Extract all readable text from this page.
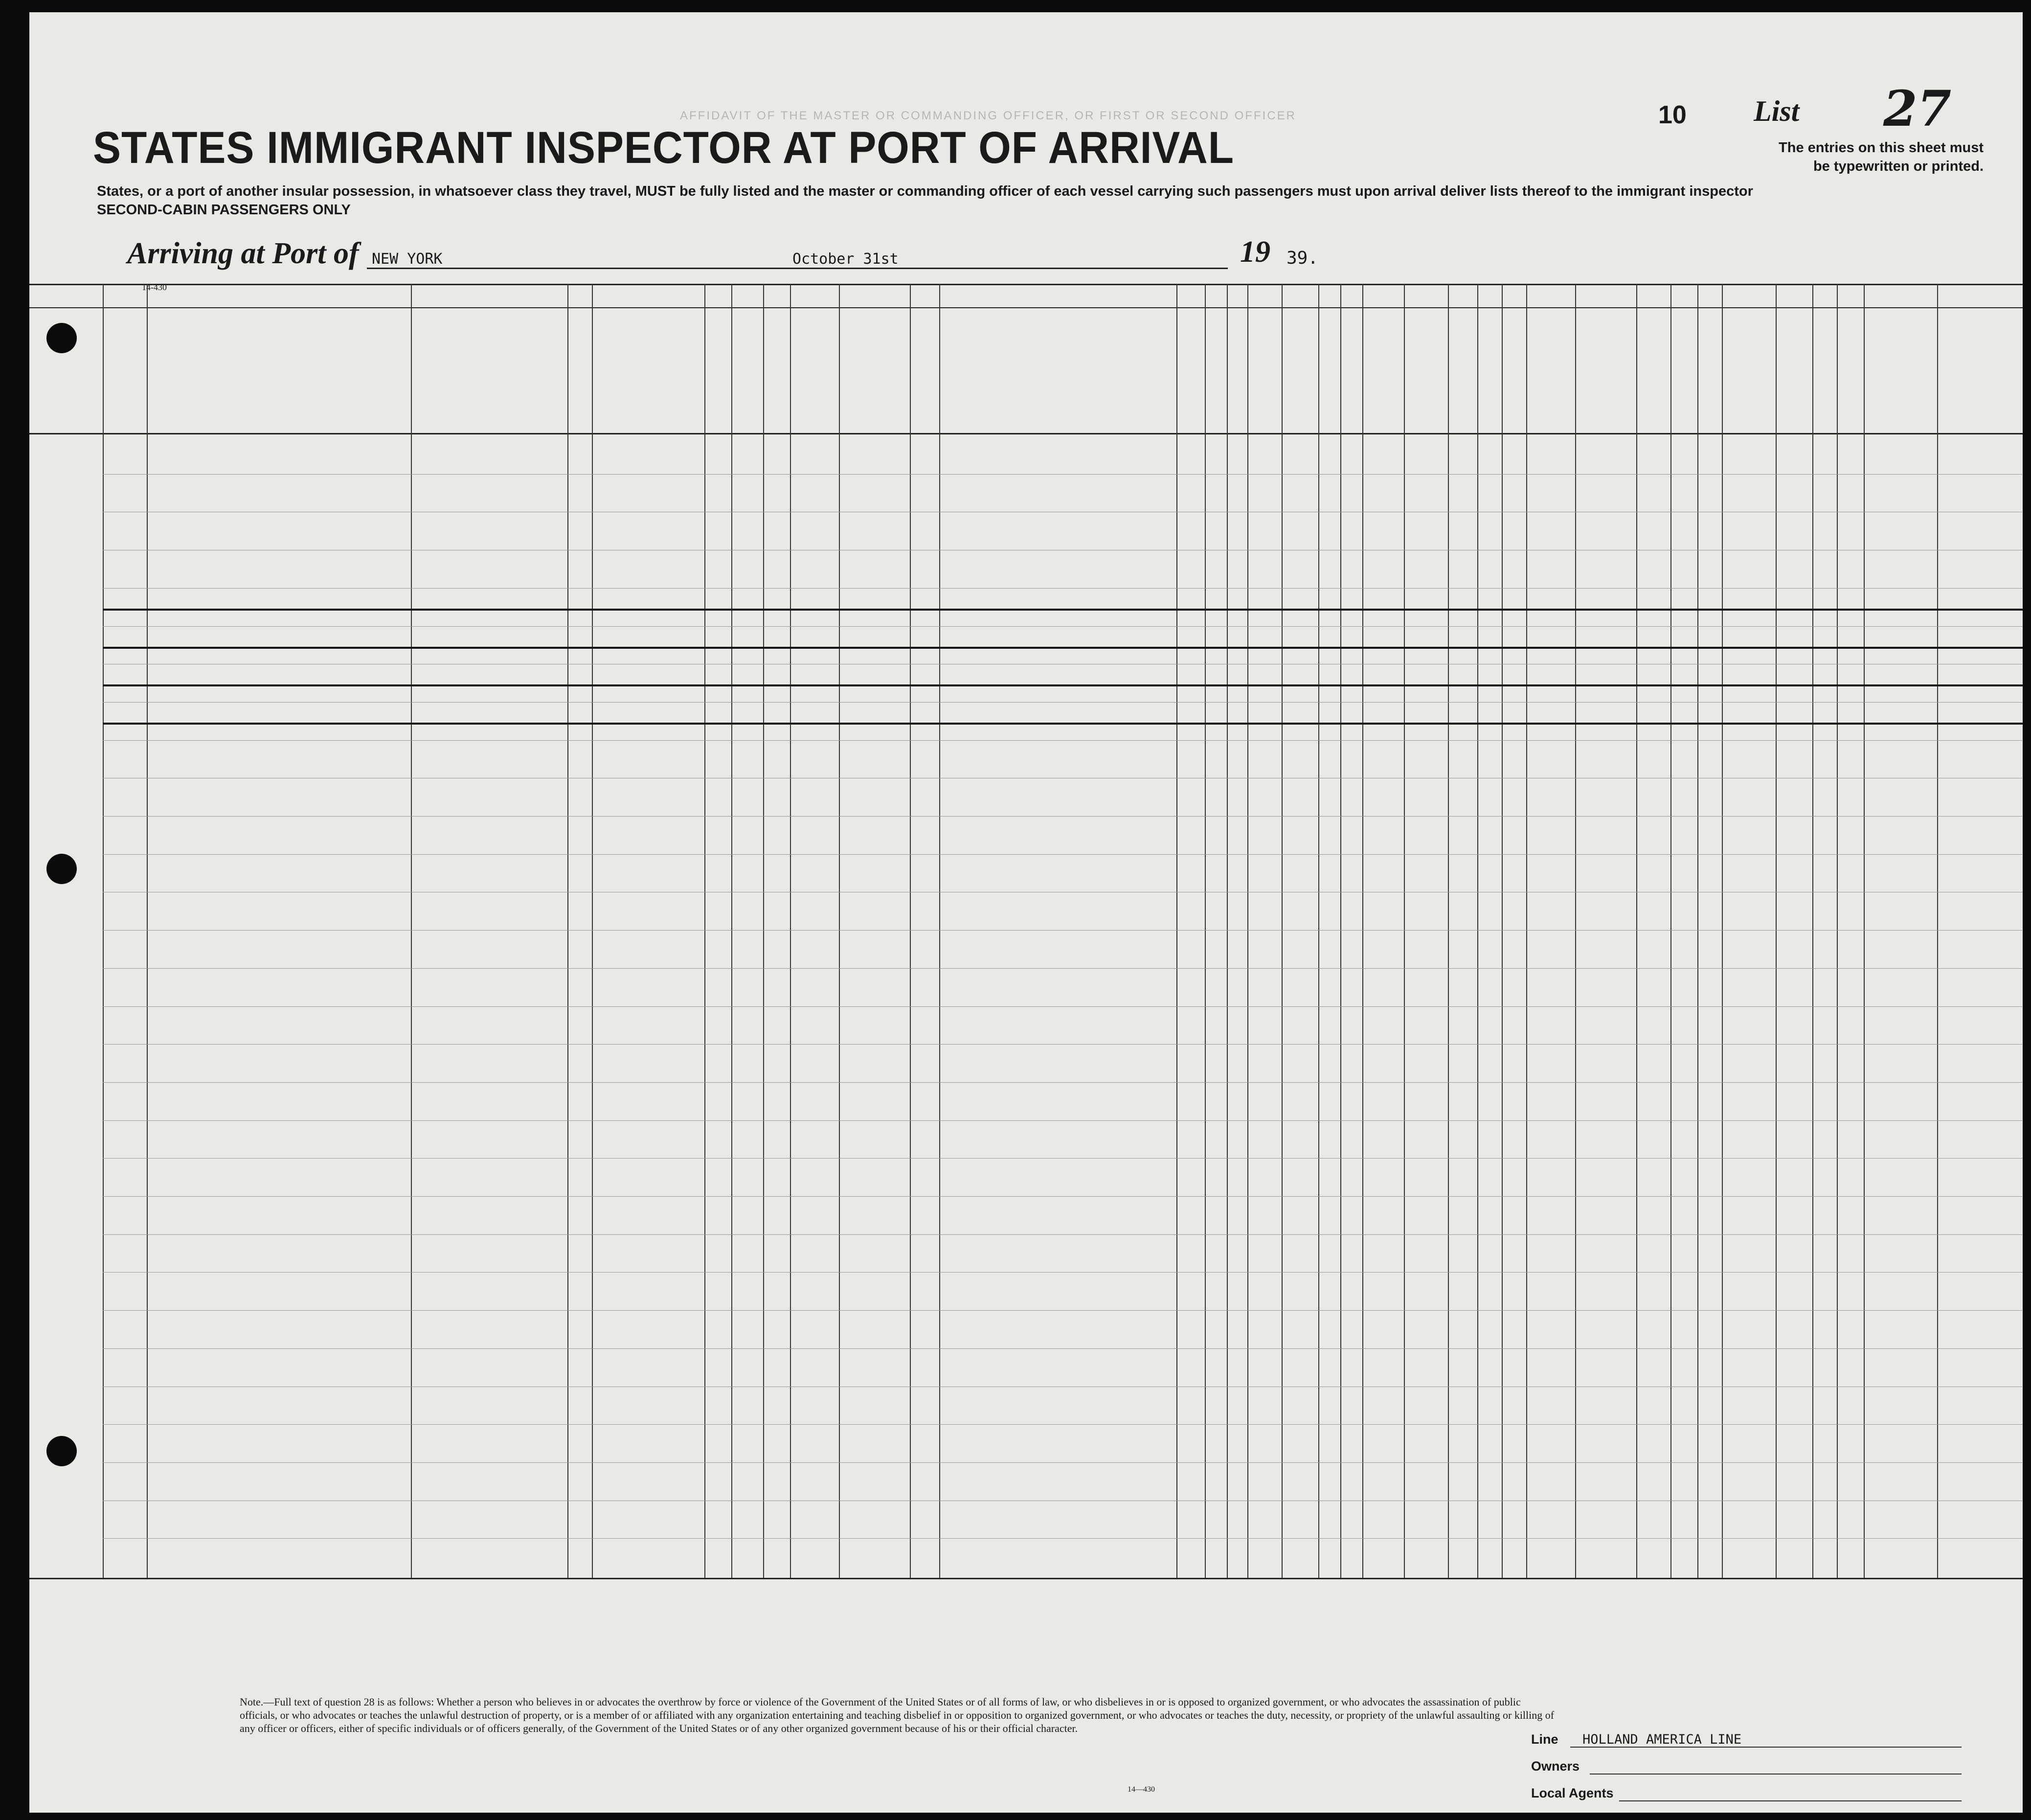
AFFIDAVIT OF THE MASTER OR COMMANDING OFFICER, OR FIRST OR SECOND OFFICER
STATES IMMIGRANT INSPECTOR AT PORT OF ARRIVAL
States, or a port of another insular possession, in whatsoever class they travel, MUST be fully listed and the master or commanding officer of each vessel carrying such passengers must upon arrival deliver lists thereof to the immigrant inspector
SECOND-CABIN PASSENGERS ONLY
10 List 27
The entries on this sheet must
be typewritten or printed.
Arriving at Port of NEW YORK	October 31st	19 39.
14-430
Note.—Full text of question 28 is as follows: Whether a person who believes in or advocates the overthrow by force or violence of the Government of the United States or of all forms of law, or who disbelieves in or is opposed to organized government, or who advocates the assassination of public officials, or who advocates or teaches the unlawful destruction of property, or is a member of or affiliated with any organization entertaining and teaching disbelief in or opposition to organized government, or who advocates or teaches the duty, necessity, or propriety of the unlawful assaulting or killing of any officer or officers, either of specific individuals or of officers generally, of the Government of the United States or of any other organized government because of his or their official character.
Line HOLLAND AMERICA LINE
Owners
Local Agents
14—430
